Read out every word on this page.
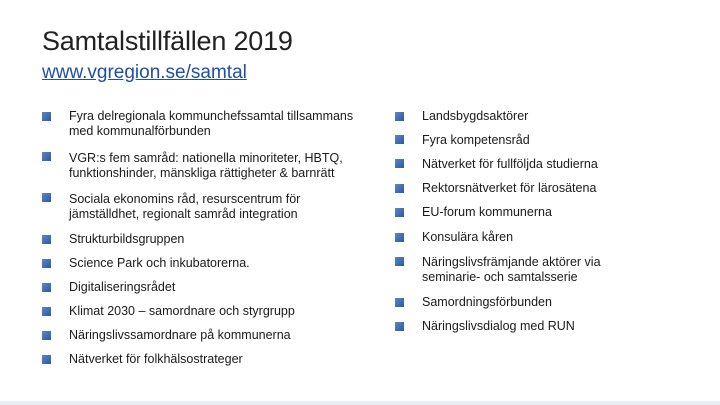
Samtalstillfällen 2019
www.vgregion.se/samtal
Fyra delregionala kommunchefssamtal tillsammans
med kommunalförbunden
VGR:s fem samråd: nationella minoriteter, HBTQ,
funktionshinder, mänskliga rättigheter & barnrätt
Sociala ekonomins råd, resurscentrum för
jämställdhet, regionalt samråd integration
Strukturbildsgruppen
Science Park och inkubatorerna.
Digitaliseringsrådet
Klimat 2030 – samordnare och styrgrupp
Näringslivssamordnare på kommunerna
Nätverket för folkhälsostrateger
Landsbygdsaktörer
Fyra kompetensråd
Nätverket för fullföljda studierna
Rektorsnätverket för lärosätena
EU-forum kommunerna
Konsulära kåren
Näringslivsfrämjande aktörer via
seminarie- och samtalsserie
Samordningsförbunden
Näringslivsdialog med RUN
